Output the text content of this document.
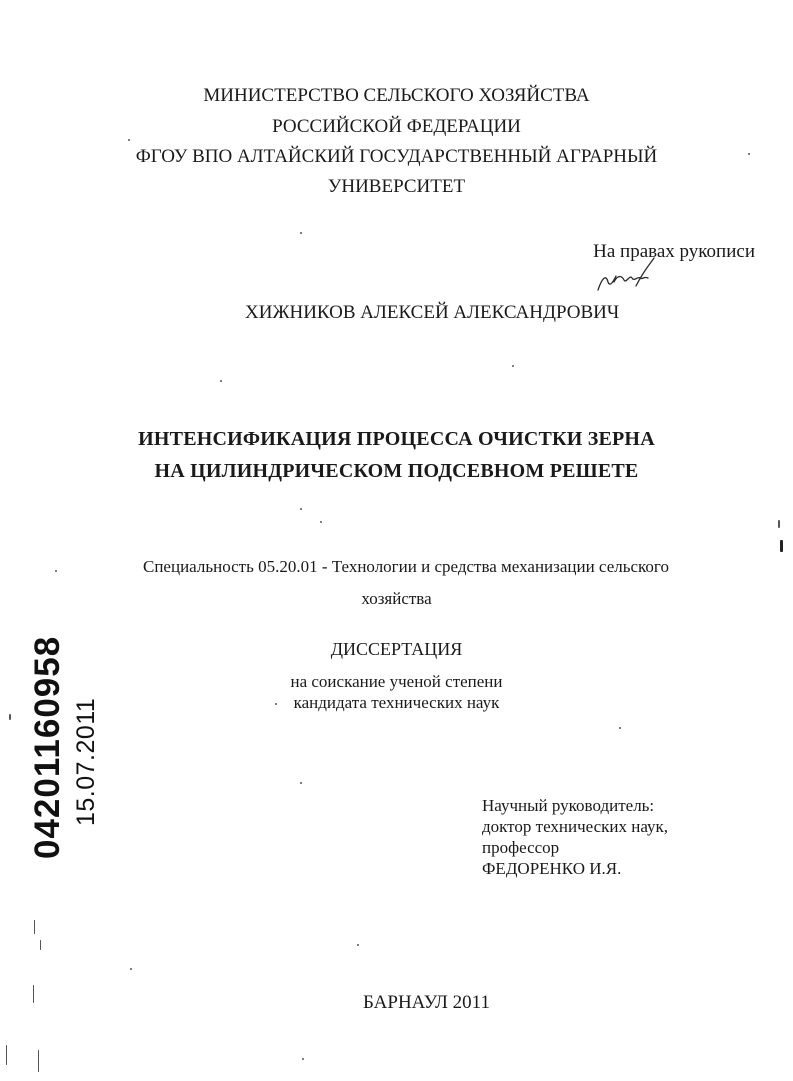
МИНИСТЕРСТВО СЕЛЬСКОГО ХОЗЯЙСТВА
РОССИЙСКОЙ ФЕДЕРАЦИИ
ФГОУ ВПО АЛТАЙСКИЙ ГОСУДАРСТВЕННЫЙ АГРАРНЫЙ
УНИВЕРСИТЕТ
На правах рукописи
ХИЖНИКОВ АЛЕКСЕЙ АЛЕКСАНДРОВИЧ
ИНТЕНСИФИКАЦИЯ ПРОЦЕССА ОЧИСТКИ ЗЕРНА
НА ЦИЛИНДРИЧЕСКОМ ПОДСЕВНОМ РЕШЕТЕ
Специальность 05.20.01 - Технологии и средства механизации сельского
хозяйства
ДИССЕРТАЦИЯ
на соискание ученой степени
кандидата технических наук
Научный руководитель:
доктор технических наук,
профессор
ФЕДОРЕНКО И.Я.
БАРНАУЛ 2011
04201160958 15.07.2011
